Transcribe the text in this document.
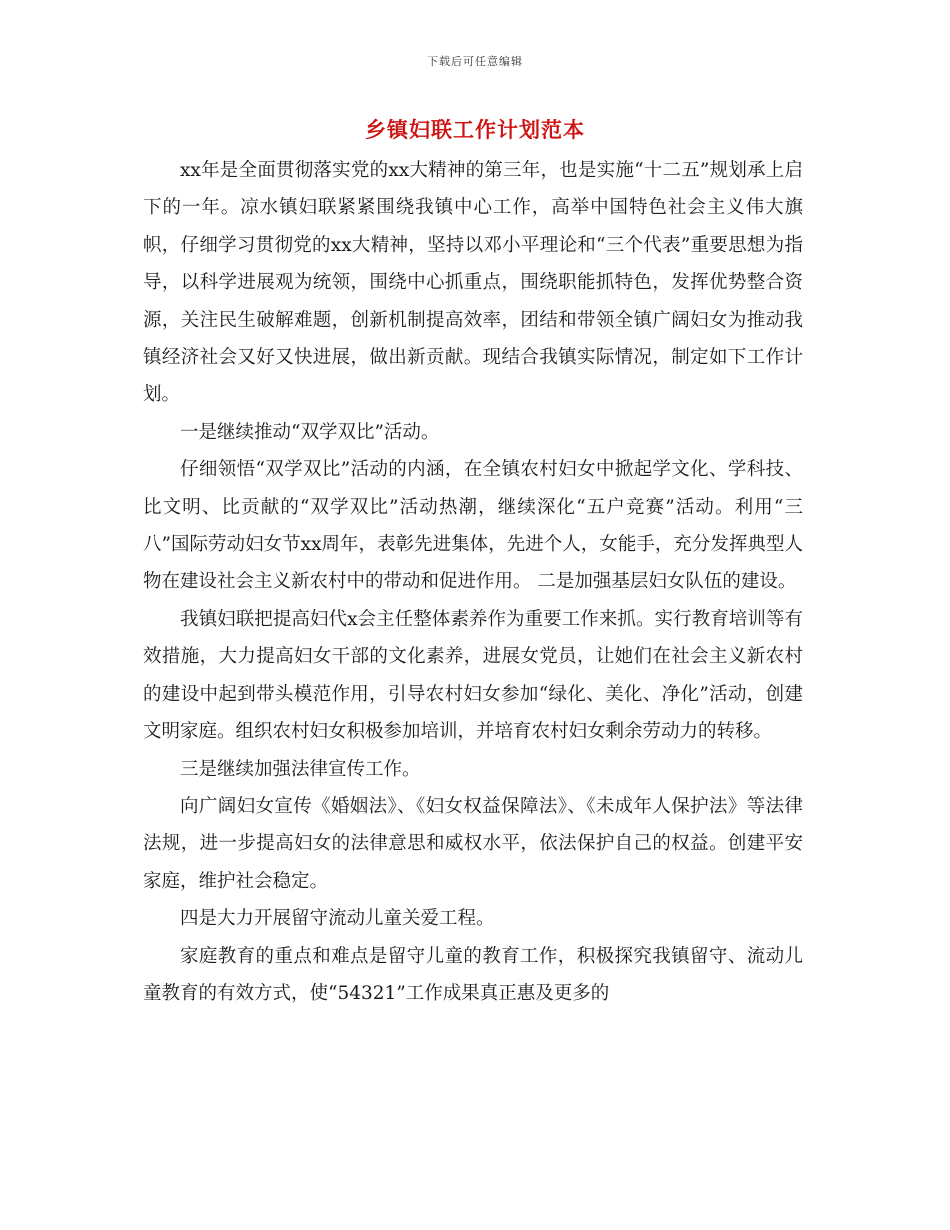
下载后可任意编辑
乡镇妇联工作计划范本

xx年是全面贯彻落实党的xx大精神的第三年，也是实施“十二五”规划承上启下的一年。凉水镇妇联紧紧围绕我镇中心工作，高举中国特色社会主义伟大旗帜，仔细学习贯彻党的xx大精神，坚持以邓小平理论和“三个代表”重要思想为指导，以科学进展观为统领，围绕中心抓重点，围绕职能抓特色，发挥优势整合资源，关注民生破解难题，创新机制提高效率，团结和带领全镇广阔妇女为推动我镇经济社会又好又快进展，做出新贡献。现结合我镇实际情况，制定如下工作计划。

一是继续推动“双学双比”活动。

仔细领悟“双学双比”活动的内涵，在全镇农村妇女中掀起学文化、学科技、比文明、比贡献的“双学双比”活动热潮，继续深化“五户竞赛”活动。利用“三八”国际劳动妇女节xx周年，表彰先进集体，先进个人，女能手，充分发挥典型人物在建设社会主义新农村中的带动和促进作用。 二是加强基层妇女队伍的建设。

我镇妇联把提高妇代x会主任整体素养作为重要工作来抓。实行教育培训等有效措施，大力提高妇女干部的文化素养，进展女党员，让她们在社会主义新农村的建设中起到带头模范作用，引导农村妇女参加“绿化、美化、净化”活动，创建文明家庭。组织农村妇女积极参加培训，并培育农村妇女剩余劳动力的转移。

三是继续加强法律宣传工作。

向广阔妇女宣传《婚姻法》、《妇女权益保障法》、《未成年人保护法》等法律法规，进一步提高妇女的法律意思和威权水平，依法保护自己的权益。创建平安家庭，维护社会稳定。

四是大力开展留守流动儿童关爱工程。

家庭教育的重点和难点是留守儿童的教育工作，积极探究我镇留守、流动儿童教育的有效方式，使“54321”工作成果真正惠及更多的
